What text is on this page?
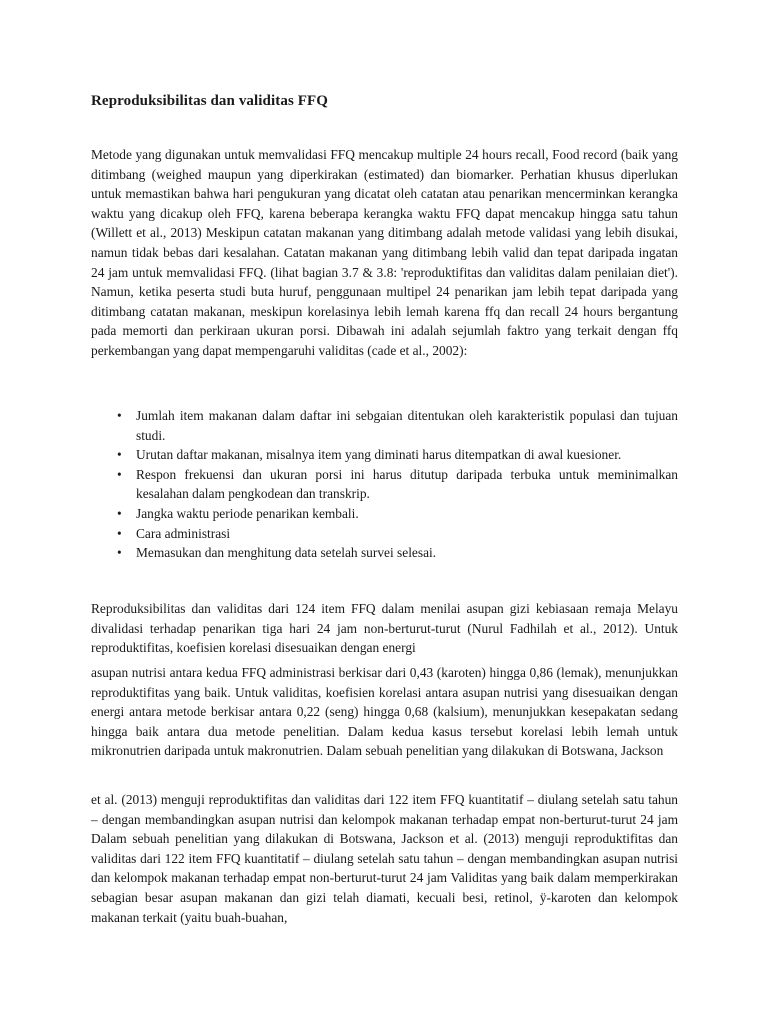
Reproduksibilitas dan validitas FFQ

Metode yang digunakan untuk memvalidasi FFQ mencakup multiple 24 hours recall, Food record (baik yang ditimbang (weighed maupun yang diperkirakan (estimated) dan biomarker. Perhatian khusus diperlukan untuk memastikan bahwa hari pengukuran yang dicatat oleh catatan atau penarikan mencerminkan kerangka waktu yang dicakup oleh FFQ, karena beberapa kerangka waktu FFQ dapat mencakup hingga satu tahun (Willett et al., 2013) Meskipun catatan makanan yang ditimbang adalah metode validasi yang lebih disukai, namun tidak bebas dari kesalahan. Catatan makanan yang ditimbang lebih valid dan tepat daripada ingatan 24 jam untuk memvalidasi FFQ. (lihat bagian 3.7 & 3.8: 'reproduktifitas dan validitas dalam penilaian diet'). Namun, ketika peserta studi buta huruf, penggunaan multipel 24 penarikan jam lebih tepat daripada yang ditimbang catatan makanan, meskipun korelasinya lebih lemah karena ffq dan recall 24 hours bergantung pada memorti dan perkiraan ukuran porsi. Dibawah ini adalah sejumlah faktro yang terkait dengan ffq perkembangan yang dapat mempengaruhi validitas (cade et al., 2002):

• Jumlah item makanan dalam daftar ini sebgaian ditentukan oleh karakteristik populasi dan tujuan studi.
• Urutan daftar makanan, misalnya item yang diminati harus ditempatkan di awal kuesioner.
• Respon frekuensi dan ukuran porsi ini harus ditutup daripada terbuka untuk meminimalkan kesalahan dalam pengkodean dan transkrip.
• Jangka waktu periode penarikan kembali.
• Cara administrasi
• Memasukan dan menghitung data setelah survei selesai.

Reproduksibilitas dan validitas dari 124 item FFQ dalam menilai asupan gizi kebiasaan remaja Melayu divalidasi terhadap penarikan tiga hari 24 jam non-berturut-turut (Nurul Fadhilah et al., 2012). Untuk reproduktifitas, koefisien korelasi disesuaikan dengan energi

asupan nutrisi antara kedua FFQ administrasi berkisar dari 0,43 (karoten) hingga 0,86 (lemak), menunjukkan reproduktifitas yang baik. Untuk validitas, koefisien korelasi antara asupan nutrisi yang disesuaikan dengan energi antara metode berkisar antara 0,22 (seng) hingga 0,68 (kalsium), menunjukkan kesepakatan sedang hingga baik antara dua metode penelitian. Dalam kedua kasus tersebut korelasi lebih lemah untuk mikronutrien daripada untuk makronutrien. Dalam sebuah penelitian yang dilakukan di Botswana, Jackson

et al. (2013) menguji reproduktifitas dan validitas dari 122 item FFQ kuantitatif – diulang setelah satu tahun – dengan membandingkan asupan nutrisi dan kelompok makanan terhadap empat non-berturut-turut 24 jam Dalam sebuah penelitian yang dilakukan di Botswana, Jackson et al. (2013) menguji reproduktifitas dan validitas dari 122 item FFQ kuantitatif – diulang setelah satu tahun – dengan membandingkan asupan nutrisi dan kelompok makanan terhadap empat non-berturut-turut 24 jam Validitas yang baik dalam memperkirakan sebagian besar asupan makanan dan gizi telah diamati, kecuali besi, retinol, ÿ-karoten dan kelompok makanan terkait (yaitu buah-buahan,
